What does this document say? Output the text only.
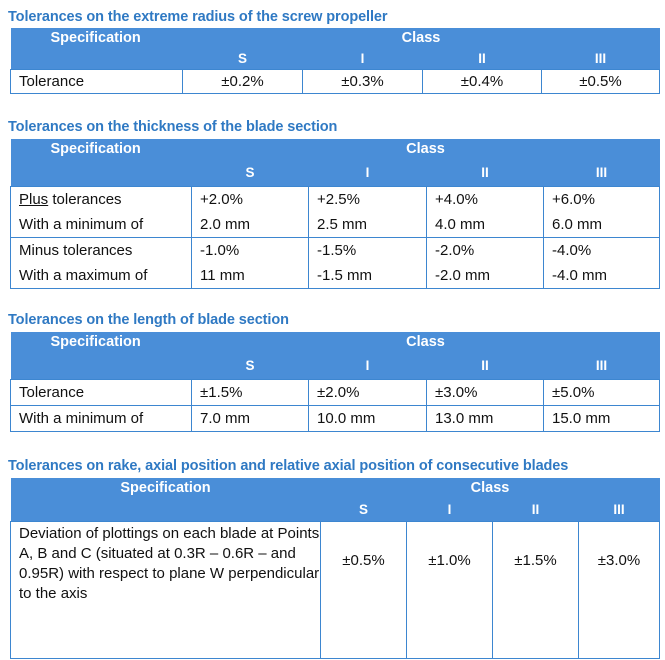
Tolerances on the extreme radius of the screw propeller
Specification	Class			
	S	I	II	III
Tolerance	±0.2%	±0.3%	±0.4%	±0.5%
Tolerances on the thickness of the blade section
Specification	Class			
	S	I	II	III
Plus tolerances	+2.0%	+2.5%	+4.0%	+6.0%
With a minimum of	2.0 mm	2.5 mm	4.0 mm	6.0 mm
Minus tolerances	-1.0%	-1.5%	-2.0%	-4.0%
With a maximum of	11 mm	-1.5 mm	-2.0 mm	-4.0 mm
Tolerances on the length of blade section
Specification	Class			
	S	I	II	III
Tolerance	±1.5%	±2.0%	±3.0%	±5.0%
With a minimum of	7.0 mm	10.0 mm	13.0 mm	15.0 mm
Tolerances on rake, axial position and relative axial position of consecutive blades
Specification	Class			
	S	I	II	III
Deviation of plottings on each blade at Points A, B and C (situated at 0.3R – 0.6R – and 0.95R) with respect to plane W perpendicular to the axis	±0.5%	±1.0%	±1.5%	±3.0%
